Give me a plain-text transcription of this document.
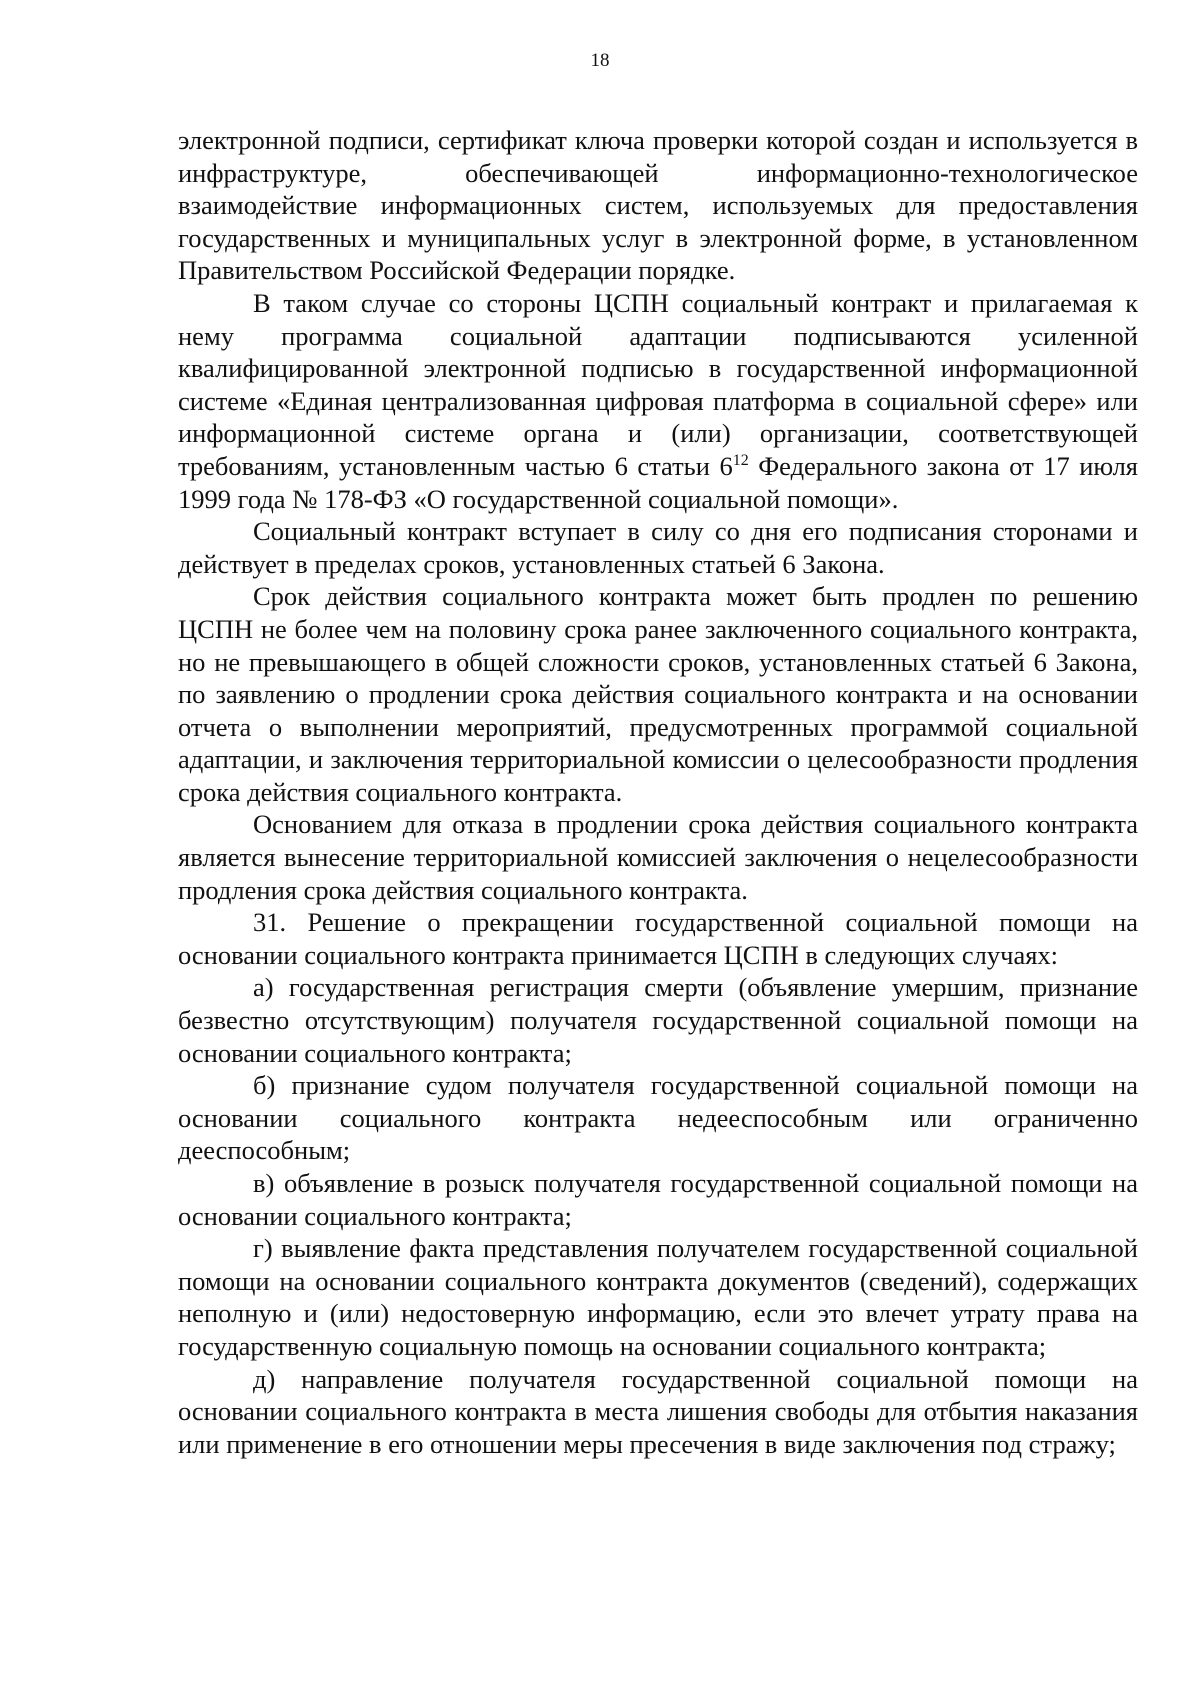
18

электронной подписи, сертификат ключа проверки которой создан и используется в инфраструктуре, обеспечивающей информационно-технологическое взаимодействие информационных систем, используемых для предоставления государственных и муниципальных услуг в электронной форме, в установленном Правительством Российской Федерации порядке.

В таком случае со стороны ЦСПН социальный контракт и прилагаемая к нему программа социальной адаптации подписываются усиленной квалифицированной электронной подписью в государственной информационной системе «Единая централизованная цифровая платформа в социальной сфере» или информационной системе органа и (или) организации, соответствующей требованиям, установленным частью 6 статьи $6^{12}$ Федерального закона от 17 июля 1999 года № 178-ФЗ «О государственной социальной помощи».

Социальный контракт вступает в силу со дня его подписания сторонами и действует в пределах сроков, установленных статьей 6 Закона.

Срок действия социального контракта может быть продлен по решению ЦСПН не более чем на половину срока ранее заключенного социального контракта, но не превышающего в общей сложности сроков, установленных статьей 6 Закона, по заявлению о продлении срока действия социального контракта и на основании отчета о выполнении мероприятий, предусмотренных программой социальной адаптации, и заключения территориальной комиссии о целесообразности продления срока действия социального контракта.

Основанием для отказа в продлении срока действия социального контракта является вынесение территориальной комиссией заключения о нецелесообразности продления срока действия социального контракта.

31. Решение о прекращении государственной социальной помощи на основании социального контракта принимается ЦСПН в следующих случаях:

а) государственная регистрация смерти (объявление умершим, признание безвестно отсутствующим) получателя государственной социальной помощи на основании социального контракта;

б) признание судом получателя государственной социальной помощи на основании социального контракта недееспособным или ограниченно дееспособным;

в) объявление в розыск получателя государственной социальной помощи на основании социального контракта;

г) выявление факта представления получателем государственной социальной помощи на основании социального контракта документов (сведений), содержащих неполную и (или) недостоверную информацию, если это влечет утрату права на государственную социальную помощь на основании социального контракта;

д) направление получателя государственной социальной помощи на основании социального контракта в места лишения свободы для отбытия наказания или применение в его отношении меры пресечения в виде заключения под стражу;
